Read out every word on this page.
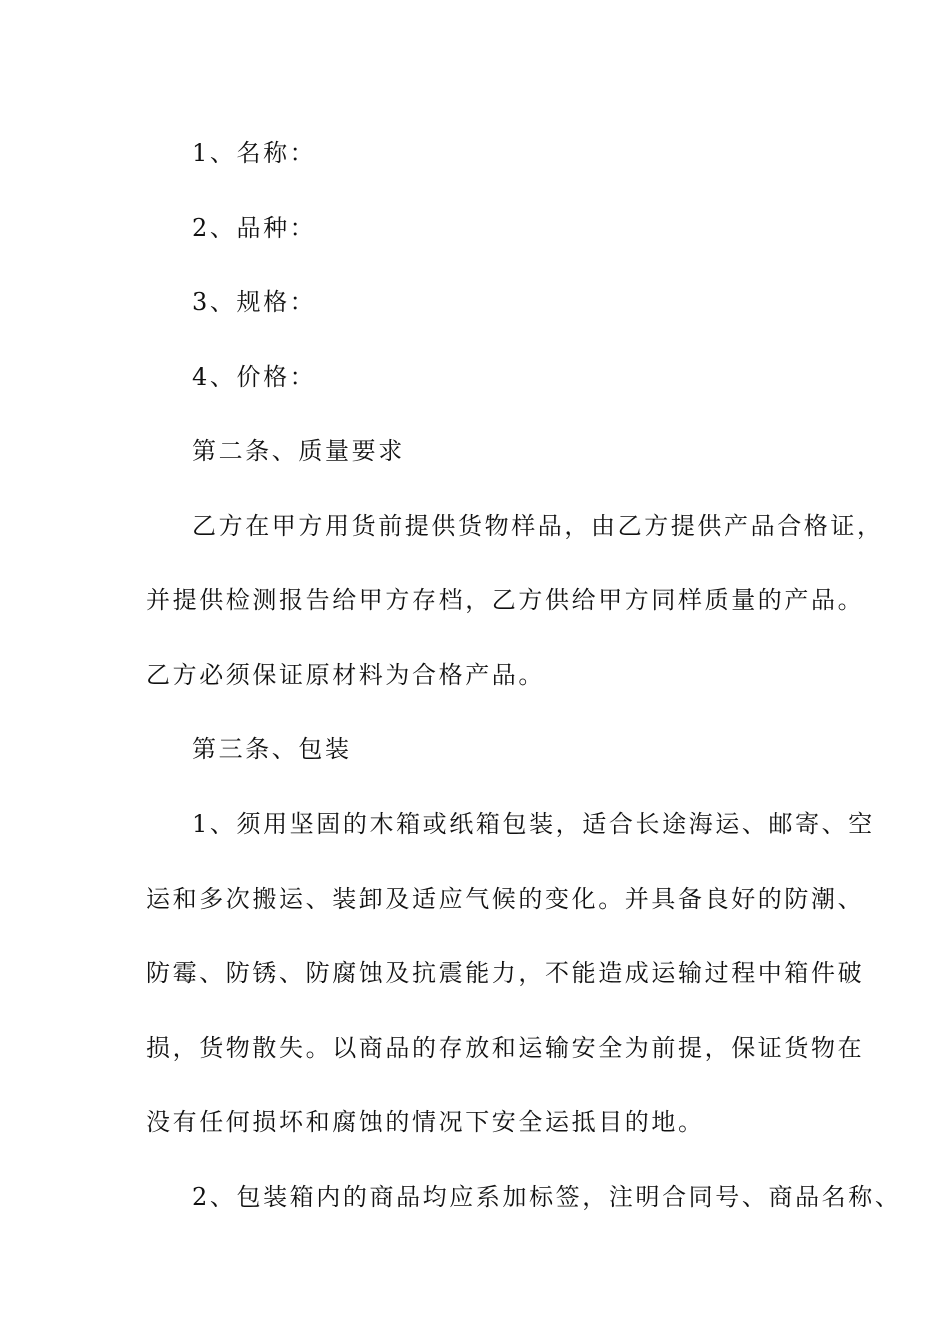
1、名称：
2、品种：
3、规格：
4、价格：
第二条、质量要求
乙方在甲方用货前提供货物样品，由乙方提供产品合格证，
并提供检测报告给甲方存档，乙方供给甲方同样质量的产品。
乙方必须保证原材料为合格产品。
第三条、包装
1、须用坚固的木箱或纸箱包装，适合长途海运、邮寄、空
运和多次搬运、装卸及适应气候的变化。并具备良好的防潮、
防霉、防锈、防腐蚀及抗震能力，不能造成运输过程中箱件破
损，货物散失。以商品的存放和运输安全为前提，保证货物在
没有任何损坏和腐蚀的情况下安全运抵目的地。
2、包装箱内的商品均应系加标签，注明合同号、商品名称、
